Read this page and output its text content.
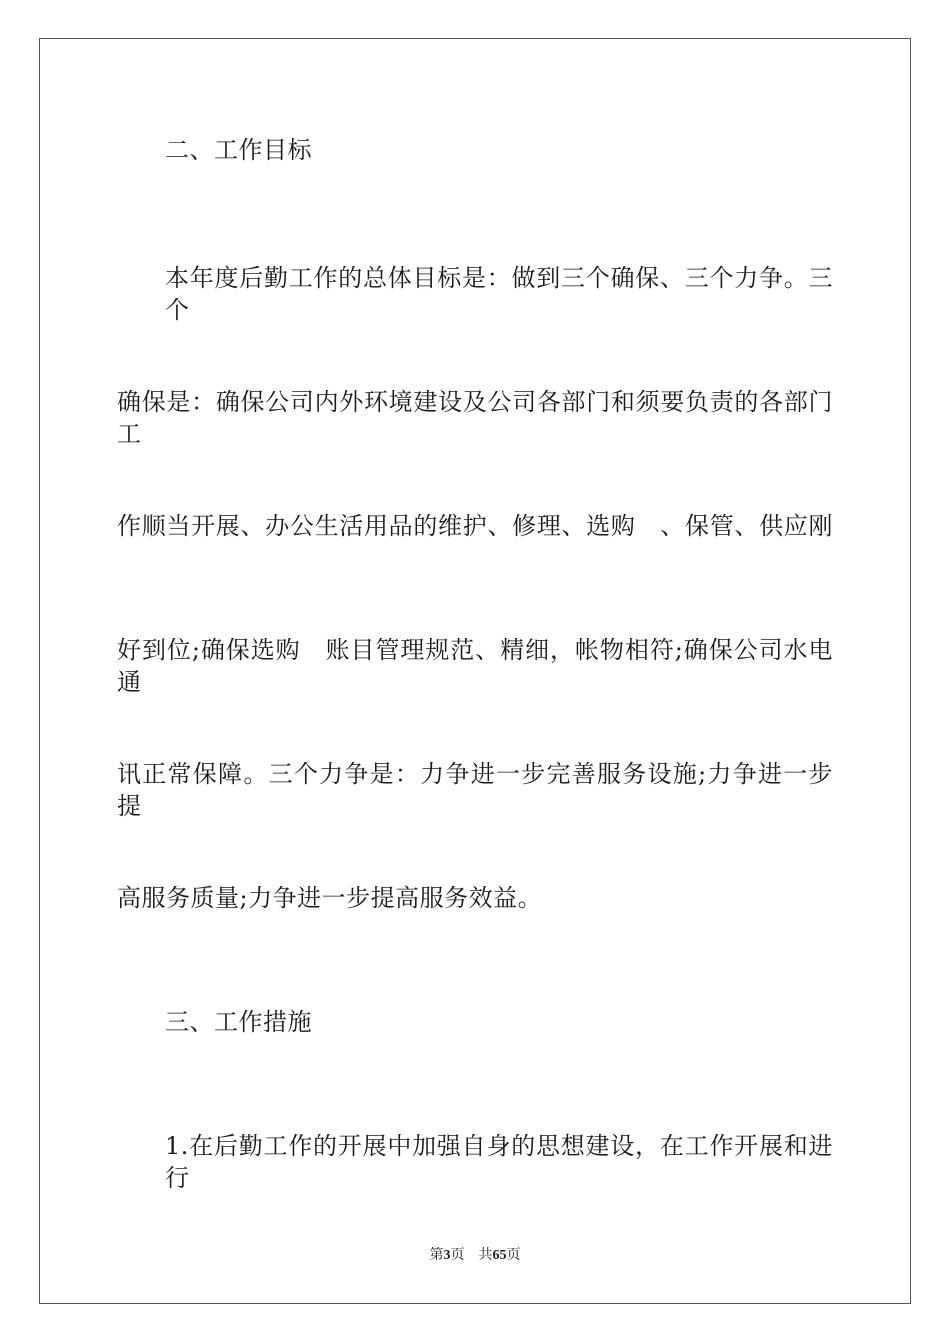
二、工作目标
本年度后勤工作的总体目标是：做到三个确保、三个力争。三个
确保是：确保公司内外环境建设及公司各部门和须要负责的各部门工
作顺当开展、办公生活用品的维护、修理、选购　、保管、供应刚
好到位;确保选购　账目管理规范、精细，帐物相符;确保公司水电通
讯正常保障。三个力争是：力争进一步完善服务设施;力争进一步提
高服务质量;力争进一步提高服务效益。
三、工作措施
1.在后勤工作的开展中加强自身的思想建设，在工作开展和进行
第3页　共65页
